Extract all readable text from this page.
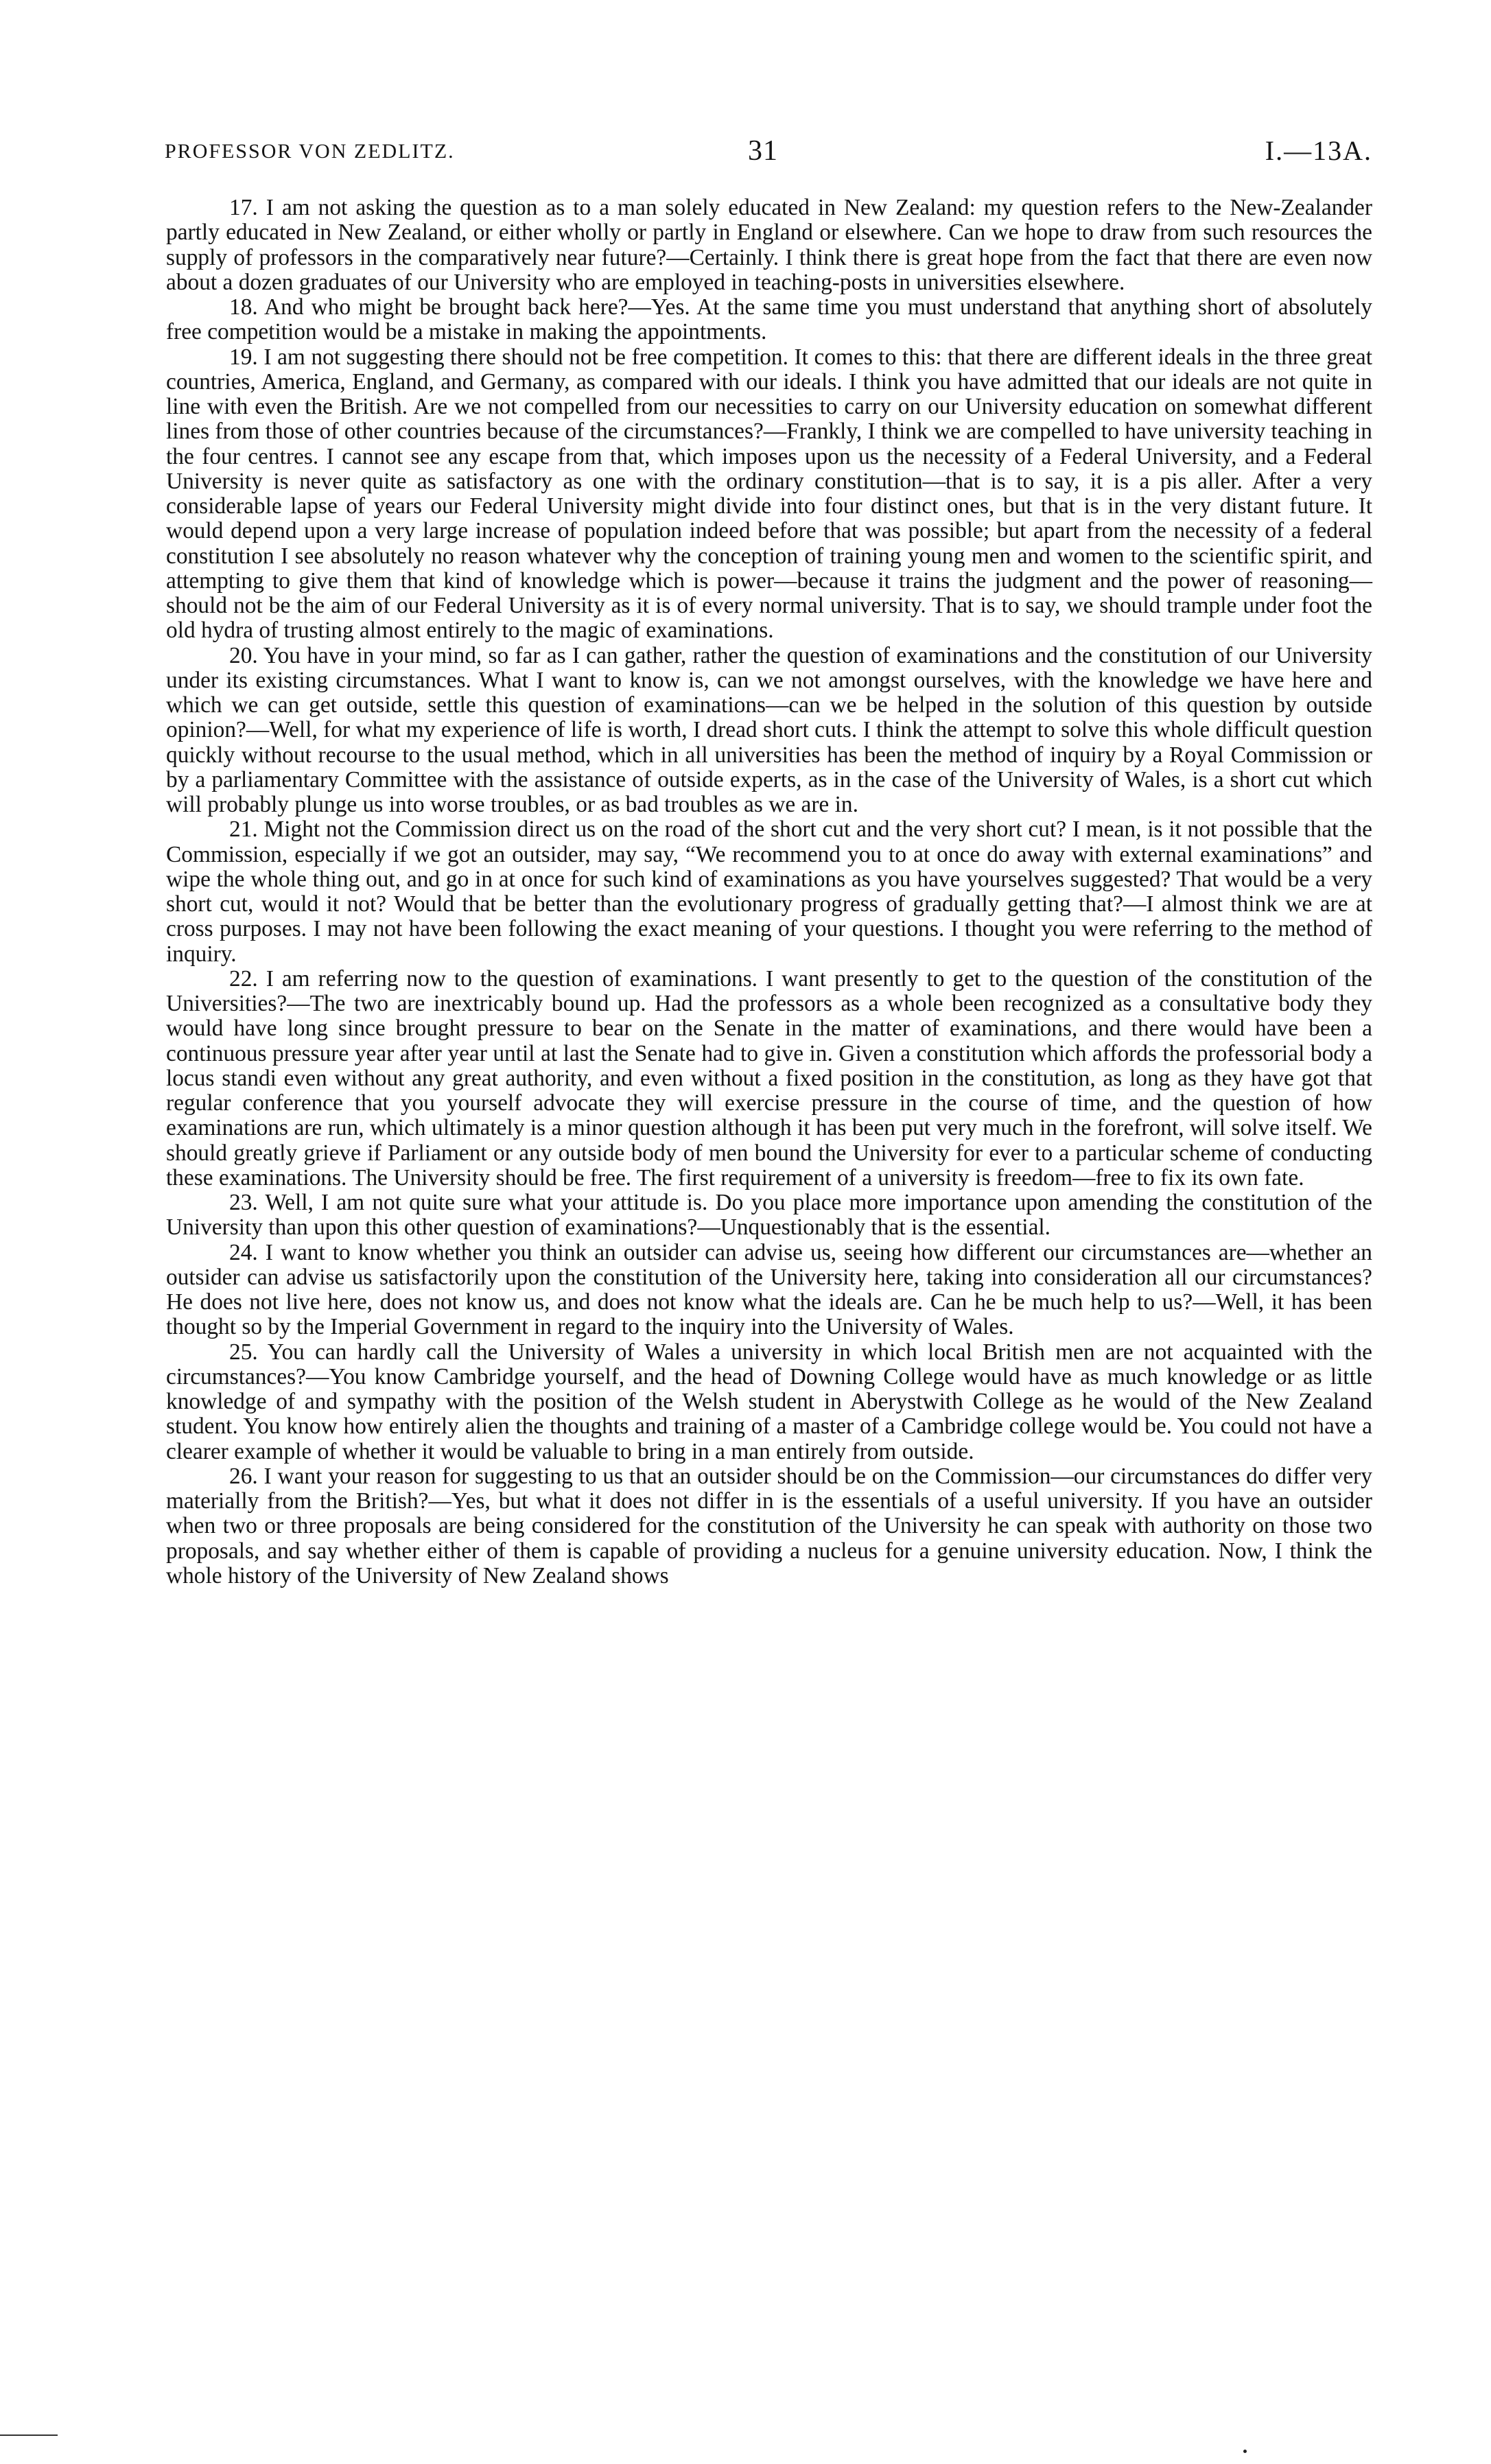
PROFESSOR VON ZEDLITZ.	31	I.—13A.

17. I am not asking the question as to a man solely educated in New Zealand: my question refers to the New-Zealander partly educated in New Zealand, or either wholly or partly in England or elsewhere. Can we hope to draw from such resources the supply of professors in the comparatively near future?—Certainly. I think there is great hope from the fact that there are even now about a dozen graduates of our University who are employed in teaching-posts in universities elsewhere.

18. And who might be brought back here?—Yes. At the same time you must understand that anything short of absolutely free competition would be a mistake in making the appointments.

19. I am not suggesting there should not be free competition. It comes to this: that there are different ideals in the three great countries, America, England, and Germany, as compared with our ideals. I think you have admitted that our ideals are not quite in line with even the British. Are we not compelled from our necessities to carry on our University education on somewhat different lines from those of other countries because of the circumstances?—Frankly, I think we are compelled to have university teaching in the four centres. I cannot see any escape from that, which imposes upon us the necessity of a Federal University, and a Federal University is never quite as satisfactory as one with the ordinary constitution—that is to say, it is a pis aller. After a very considerable lapse of years our Federal University might divide into four distinct ones, but that is in the very distant future. It would depend upon a very large increase of population indeed before that was possible; but apart from the necessity of a federal constitution I see absolutely no reason whatever why the conception of training young men and women to the scientific spirit, and attempting to give them that kind of knowledge which is power—because it trains the judgment and the power of reasoning—should not be the aim of our Federal University as it is of every normal university. That is to say, we should trample under foot the old hydra of trusting almost entirely to the magic of examinations.

20. You have in your mind, so far as I can gather, rather the question of examinations and the constitution of our University under its existing circumstances. What I want to know is, can we not amongst ourselves, with the knowledge we have here and which we can get outside, settle this question of examinations—can we be helped in the solution of this question by outside opinion?—Well, for what my experience of life is worth, I dread short cuts. I think the attempt to solve this whole difficult question quickly without recourse to the usual method, which in all universities has been the method of inquiry by a Royal Commission or by a parliamentary Committee with the assistance of outside experts, as in the case of the University of Wales, is a short cut which will probably plunge us into worse troubles, or as bad troubles as we are in.

21. Might not the Commission direct us on the road of the short cut and the very short cut? I mean, is it not possible that the Commission, especially if we got an outsider, may say, “We recommend you to at once do away with external examinations” and wipe the whole thing out, and go in at once for such kind of examinations as you have yourselves suggested? That would be a very short cut, would it not? Would that be better than the evolutionary progress of gradually getting that?—I almost think we are at cross purposes. I may not have been following the exact meaning of your questions. I thought you were referring to the method of inquiry.

22. I am referring now to the question of examinations. I want presently to get to the question of the constitution of the Universities?—The two are inextricably bound up. Had the professors as a whole been recognized as a consultative body they would have long since brought pressure to bear on the Senate in the matter of examinations, and there would have been a continuous pressure year after year until at last the Senate had to give in. Given a constitution which affords the professorial body a locus standi even without any great authority, and even without a fixed position in the constitution, as long as they have got that regular conference that you yourself advocate they will exercise pressure in the course of time, and the question of how examinations are run, which ultimately is a minor question although it has been put very much in the forefront, will solve itself. We should greatly grieve if Parliament or any outside body of men bound the University for ever to a particular scheme of conducting these examinations. The University should be free. The first requirement of a university is freedom—free to fix its own fate.

23. Well, I am not quite sure what your attitude is. Do you place more importance upon amending the constitution of the University than upon this other question of examinations?—Unquestionably that is the essential.

24. I want to know whether you think an outsider can advise us, seeing how different our circumstances are—whether an outsider can advise us satisfactorily upon the constitution of the University here, taking into consideration all our circumstances? He does not live here, does not know us, and does not know what the ideals are. Can he be much help to us?—Well, it has been thought so by the Imperial Government in regard to the inquiry into the University of Wales.

25. You can hardly call the University of Wales a university in which local British men are not acquainted with the circumstances?—You know Cambridge yourself, and the head of Downing College would have as much knowledge or as little knowledge of and sympathy with the position of the Welsh student in Aberystwith College as he would of the New Zealand student. You know how entirely alien the thoughts and training of a master of a Cambridge college would be. You could not have a clearer example of whether it would be valuable to bring in a man entirely from outside.

26. I want your reason for suggesting to us that an outsider should be on the Commission—our circumstances do differ very materially from the British?—Yes, but what it does not differ in is the essentials of a useful university. If you have an outsider when two or three proposals are being considered for the constitution of the University he can speak with authority on those two proposals, and say whether either of them is capable of providing a nucleus for a genuine university education. Now, I think the whole history of the University of New Zealand shows
